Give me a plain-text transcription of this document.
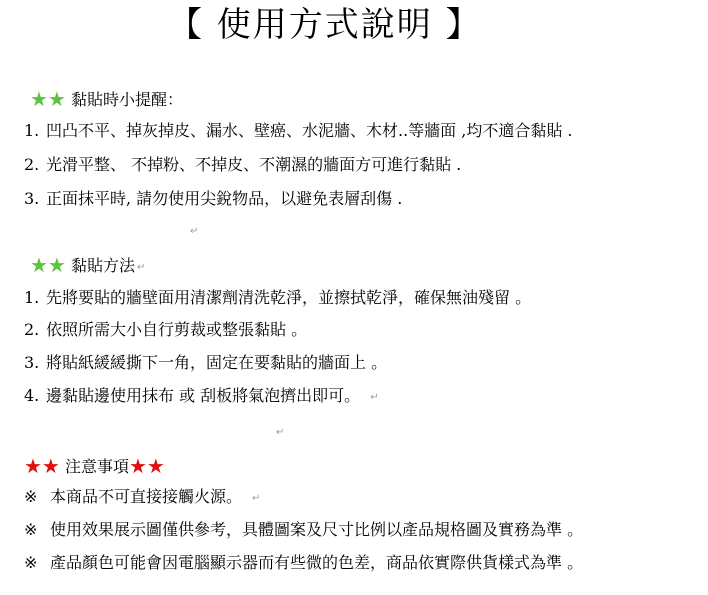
【 使用方式說明 】
★★ 黏貼時小提醒：
1. 凹凸不平、掉灰掉皮、漏水、壁癌、水泥牆、木材..等牆面 ,均不適合黏貼 .
2. 光滑平整、 不掉粉、不掉皮、不潮濕的牆面方可進行黏貼 .
3. 正面抹平時, 請勿使用尖銳物品，以避免表層刮傷 .
↵
★★ 黏貼方法 ↵
1. 先將要貼的牆壁面用清潔劑清洗乾淨，並擦拭乾淨，確保無油殘留 。
2. 依照所需大小自行剪裁或整張黏貼 。
3. 將貼紙緩緩撕下一角，固定在要黏貼的牆面上 。
4. 邊黏貼邊使用抹布 或 刮板將氣泡擠出即可。 ↵
↵
★★ 注意事項★★
※ 本商品不可直接接觸火源。 ↵
※ 使用效果展示圖僅供參考，具體圖案及尺寸比例以產品規格圖及實務為準 。
※ 產品顏色可能會因電腦顯示器而有些微的色差，商品依實際供貨樣式為準 。
